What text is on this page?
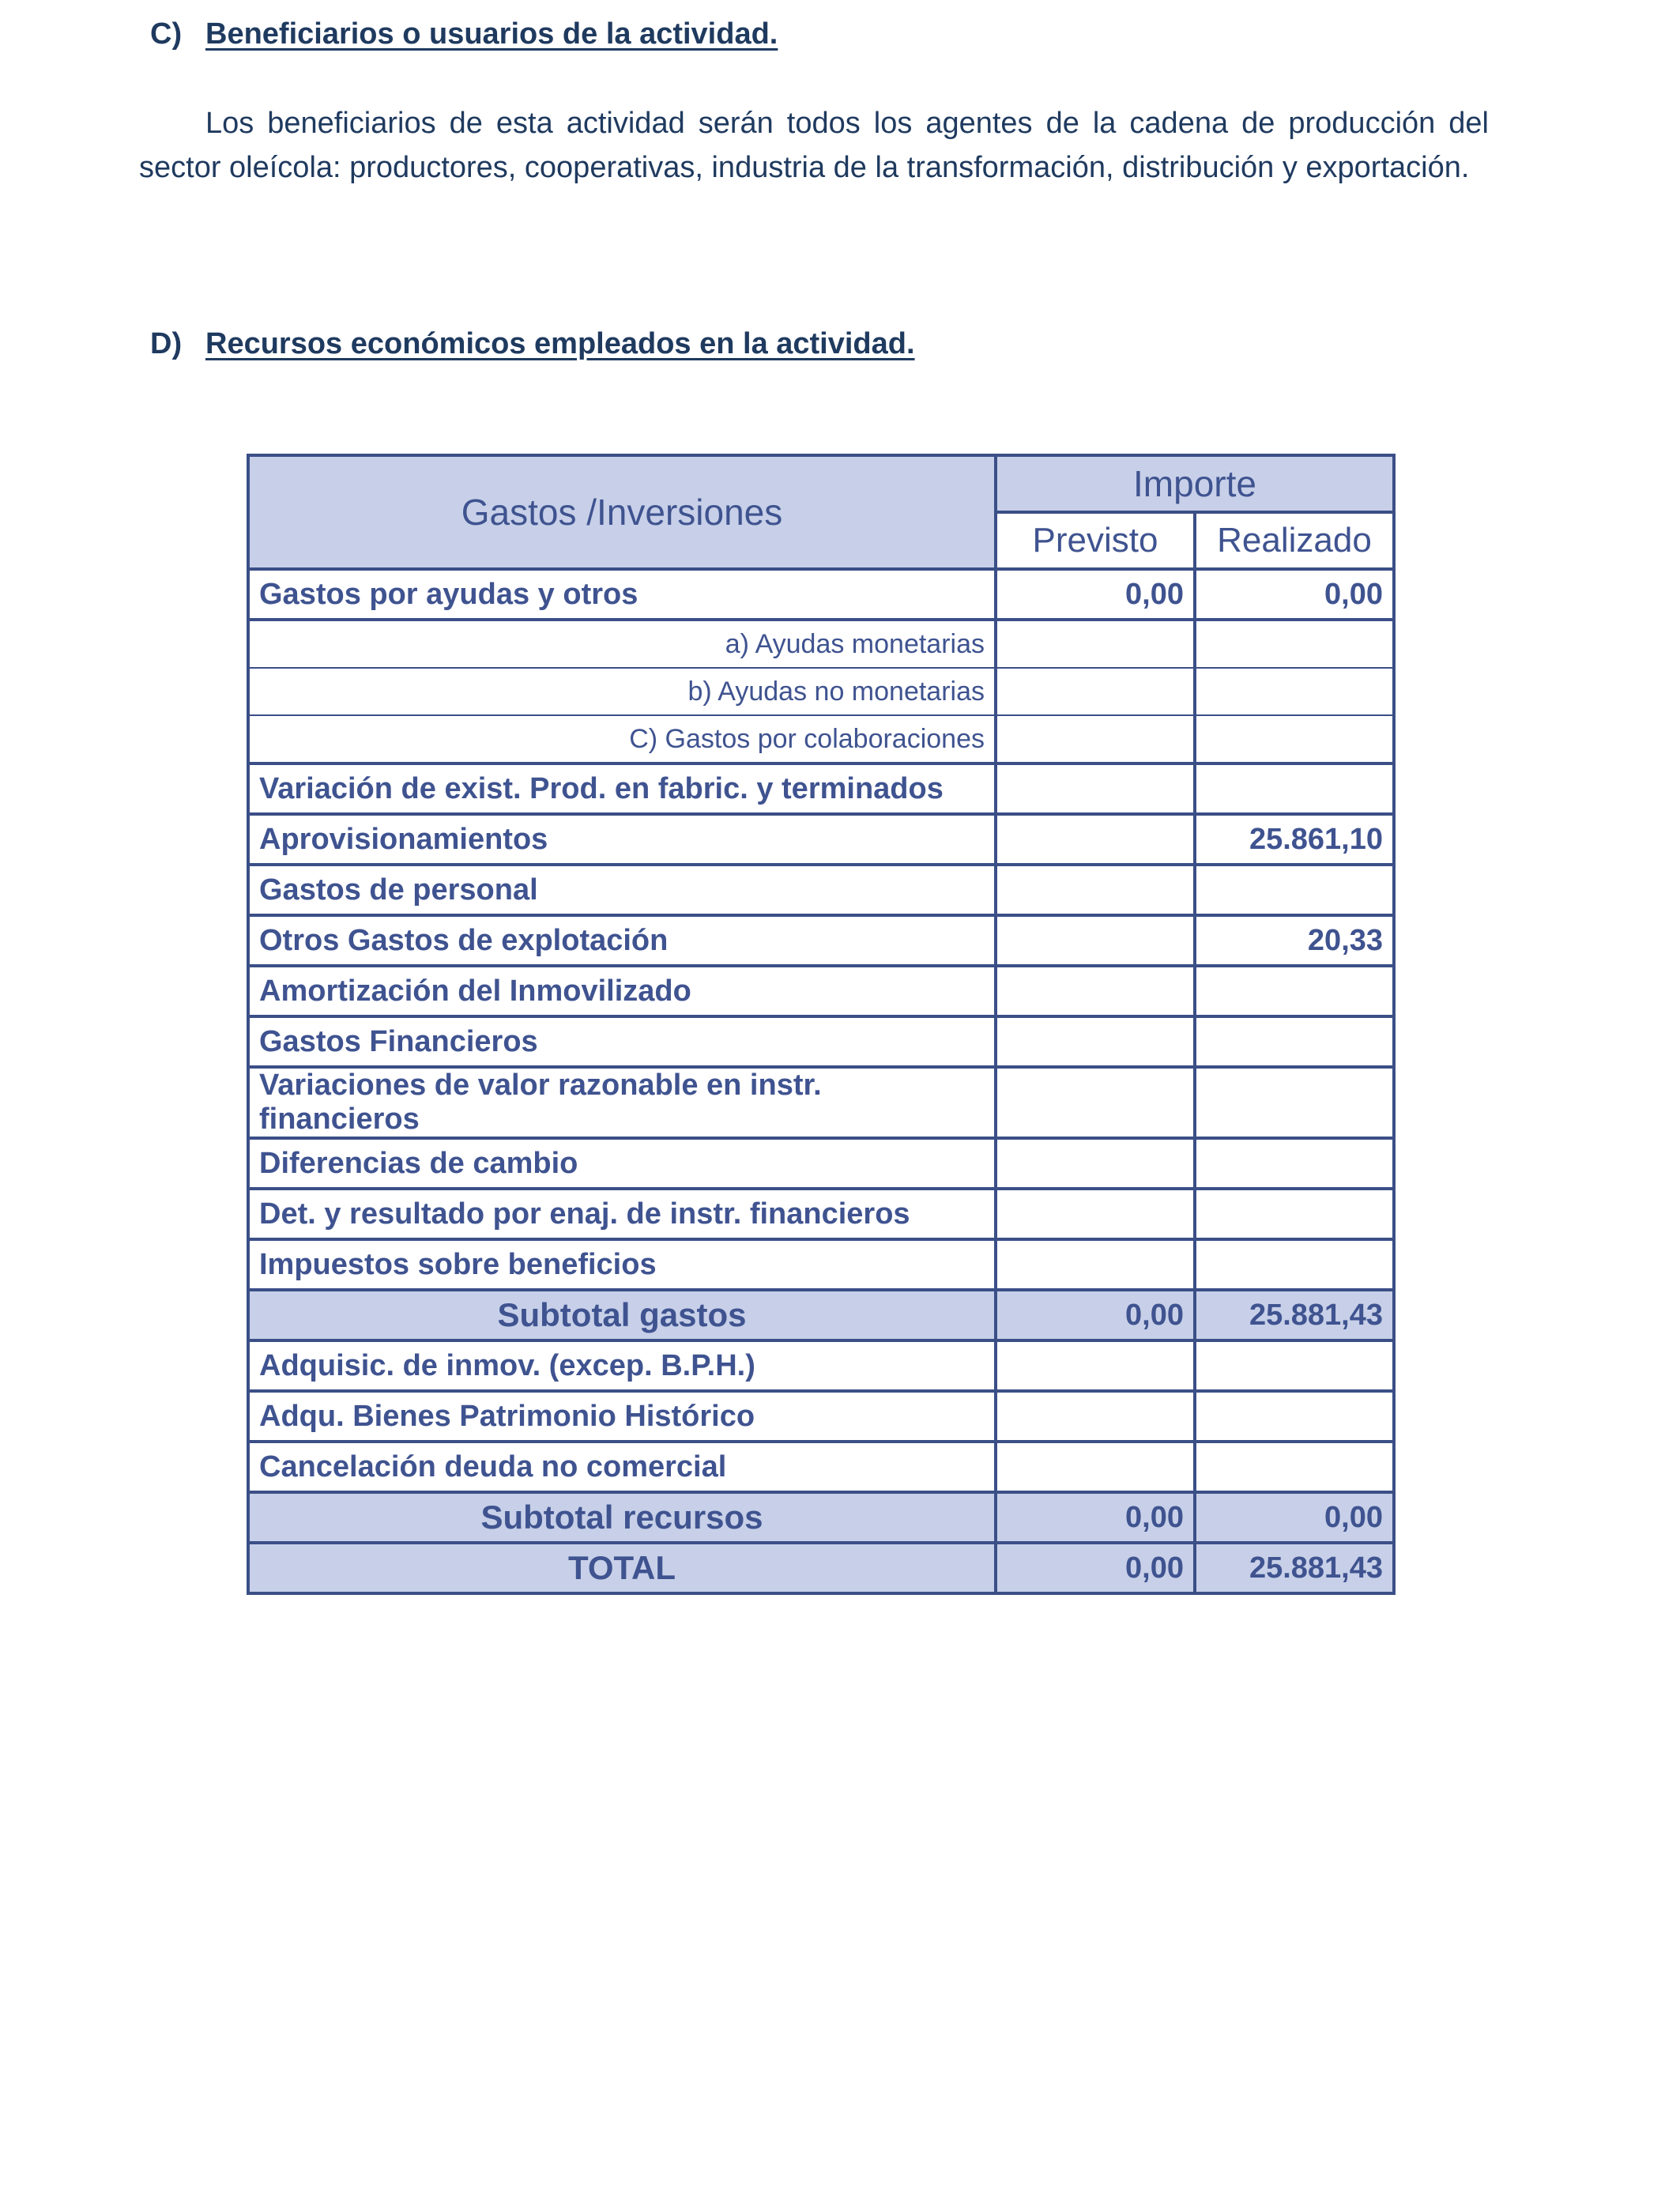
C) Beneficiarios o usuarios de la actividad.

Los beneficiarios de esta actividad serán todos los agentes de la cadena de producción del sector oleícola: productores, cooperativas, industria de la transformación, distribución y exportación.

D) Recursos económicos empleados en la actividad.
Gastos /Inversiones	Importe	
	Previsto	Realizado
Gastos por ayudas y otros	0,00	0,00
a) Ayudas monetarias		
b) Ayudas no monetarias		
C) Gastos por colaboraciones		
Variación de exist. Prod. en fabric. y terminados		
Aprovisionamientos		25.861,10
Gastos de personal		
Otros Gastos de explotación		20,33
Amortización del Inmovilizado		
Gastos Financieros		
Variaciones de valor razonable en instr. financieros		
Diferencias de cambio		
Det. y resultado por enaj. de instr. financieros		
Impuestos sobre beneficios		
Subtotal gastos	0,00	25.881,43
Adquisic. de inmov. (excep. B.P.H.)		
Adqu. Bienes Patrimonio Histórico		
Cancelación deuda no comercial		
Subtotal recursos	0,00	0,00
TOTAL	0,00	25.881,43
